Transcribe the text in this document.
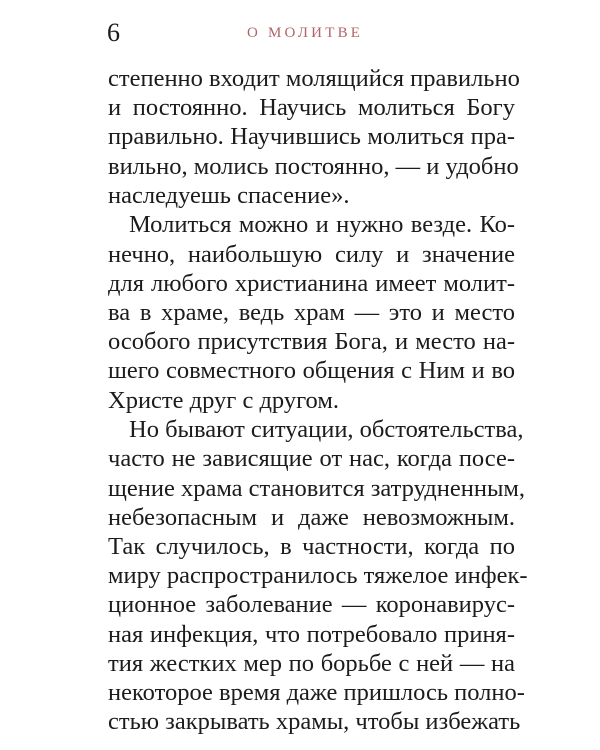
6	О МОЛИТВЕ
степенно входит молящийся правильно
и постоянно. Научись молиться Богу
правильно. Научившись молиться пра-
вильно, молись постоянно, — и удобно
наследуешь спасение».
Молиться можно и нужно везде. Ко-
нечно, наибольшую силу и значение
для любого христианина имеет молит-
ва в храме, ведь храм — это и место
особого присутствия Бога, и место на-
шего совместного общения с Ним и во
Христе друг с другом.
Но бывают ситуации, обстоятельства,
часто не зависящие от нас, когда посе-
щение храма становится затрудненным,
небезопасным и даже невозможным.
Так случилось, в частности, когда по
миру распространилось тяжелое инфек-
ционное заболевание — коронавирус-
ная инфекция, что потребовало приня-
тия жестких мер по борьбе с ней — на
некоторое время даже пришлось полно-
стью закрывать храмы, чтобы избежать
